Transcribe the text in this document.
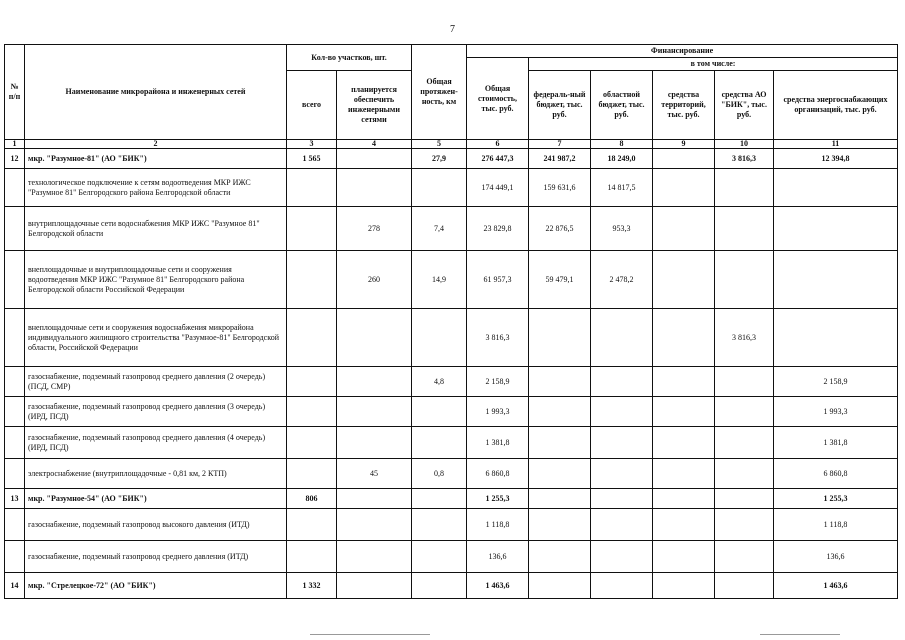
7
№ п/п	Наименование микрорайона и инженерных сетей	Кол-во участков, шт.		Общая протяжен-ность, км	Финансирование					
					Общая стоимость, тыс. руб.	в том числе:				
		всего	планируется обеспечить инженерными сетями			федераль-ный бюджет, тыс. руб.	областной бюджет, тыс. руб.	средства территорий, тыс. руб.	средства АО "БИК", тыс. руб.	средства энергоснабжающих организаций, тыс. руб.
1	2	3	4	5	6	7	8	9	10	11
12	мкр. "Разумное-81" (АО "БИК")	1 565		27,9	276 447,3	241 987,2	18 249,0		3 816,3	12 394,8
	технологическое подключение к сетям водоотведения МКР ИЖС "Разумное 81" Белгородского района Белгородской области				174 449,1	159 631,6	14 817,5			
	внутриплощадочные сети водоснабжения МКР ИЖС "Разумное 81" Белгородской области		278	7,4	23 829,8	22 876,5	953,3			
	внеплощадочные и внутриплощадочные сети и сооружения водоотведения МКР ИЖС "Разумное 81" Белгородского района Белгородской области Российской Федерации		260	14,9	61 957,3	59 479,1	2 478,2			
	внеплощадочные сети и сооружения водоснабжения микрорайона индивидуального жилищного строительства "Разумное-81" Белгородской области, Российской Федерации				3 816,3				3 816,3	
	газоснабжение, подземный газопровод среднего давления (2 очередь) (ПСД, СМР)			4,8	2 158,9					2 158,9
	газоснабжение, подземный газопровод среднего давления (3 очередь) (ИРД, ПСД)				1 993,3					1 993,3
	газоснабжение, подземный газопровод среднего давления (4 очередь) (ИРД, ПСД)				1 381,8					1 381,8
	электроснабжение (внутриплощадочные - 0,81 км, 2 КТП)		45	0,8	6 860,8					6 860,8
13	мкр. "Разумное-54" (АО "БИК")	806			1 255,3					1 255,3
	газоснабжение, подземный газопровод высокого давления (ИТД)				1 118,8					1 118,8
	газоснабжение, подземный газопровод среднего давления (ИТД)				136,6					136,6
14	мкр. "Стрелецкое-72" (АО "БИК")	1 332			1 463,6					1 463,6
